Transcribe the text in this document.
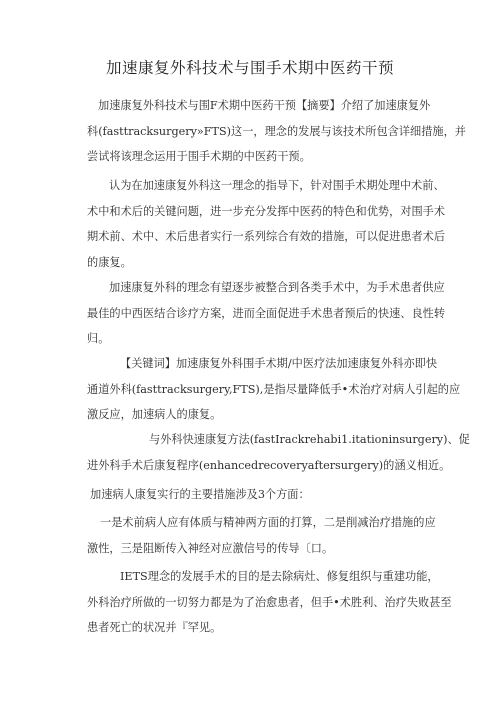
加速康复外科技术与围手术期中医药干预
加速康复外科技术与围F术期中医药干预【摘要】介绍了加速康复外
科(fasttracksurgery»FTS)这一，理念的发展与该技术所包含详细措施，并
尝试将该理念运用于围手术期的中医药干预。
认为在加速康复外科这一理念的指导下，针对围手术期处理中术前、
术中和术后的关键问题，进一步充分发挥中医药的特色和优势，对围手术
期术前、术中、术后患者实行一系列综合有效的措施，可以促进患者术后
的康复。
加速康复外科的理念有望逐步被整合到各类手术中，为手术患者供应
最佳的中西医结合诊疗方案，进而全面促进手术患者预后的快速、良性转
归。
【关键词】加速康复外科围手术期/中医疗法加速康复外科亦即快
通道外科(fasttracksurgery,FTS),是指尽量降低手•术治疗对病人引起的应
激反应，加速病人的康复。
与外科快速康复方法(fastIrackrehabi1.itationinsurgery)、促
进外科手术后康复程序(enhancedrecoveryaftersurgery)的涵义相近。
加速病人康复实行的主要措施涉及3个方面：
一是术前病人应有体质与精神两方面的打算，二是削减治疗措施的应
激性，三是阻断传入神经对应激信号的传导〔口。
IETS理念的发展手术的目的是去除病灶、修复组织与重建功能，
外科治疗所做的一切努力都是为了治愈患者，但手•术胜利、治疗失败甚至
患者死亡的状况并『罕见。
